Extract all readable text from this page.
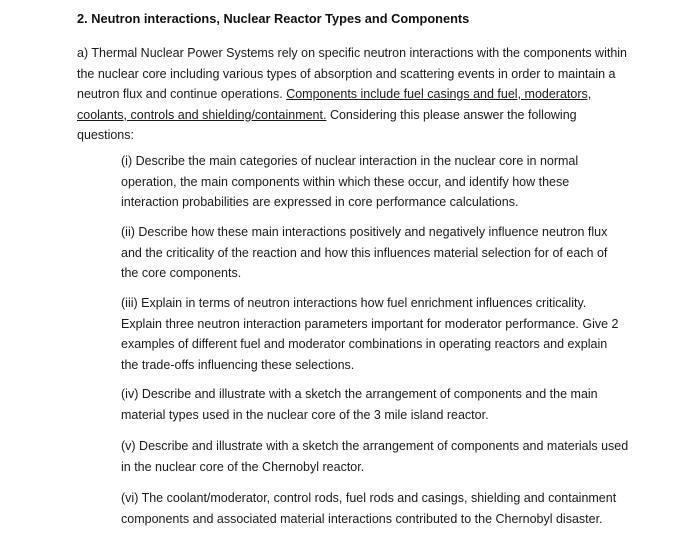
2. Neutron interactions, Nuclear Reactor Types and Components
a) Thermal Nuclear Power Systems rely on specific neutron interactions with the components within
the nuclear core including various types of absorption and scattering events in order to maintain a
neutron flux and continue operations. Components include fuel casings and fuel, moderators,
coolants, controls and shielding/containment. Considering this please answer the following
questions:
(i) Describe the main categories of nuclear interaction in the nuclear core in normal
operation, the main components within which these occur, and identify how these
interaction probabilities are expressed in core performance calculations.
(ii) Describe how these main interactions positively and negatively influence neutron flux
and the criticality of the reaction and how this influences material selection for of each of
the core components.
(iii) Explain in terms of neutron interactions how fuel enrichment influences criticality.
Explain three neutron interaction parameters important for moderator performance. Give 2
examples of different fuel and moderator combinations in operating reactors and explain
the trade-offs influencing these selections.
(iv) Describe and illustrate with a sketch the arrangement of components and the main
material types used in the nuclear core of the 3 mile island reactor.
(v) Describe and illustrate with a sketch the arrangement of components and materials used
in the nuclear core of the Chernobyl reactor.
(vi) The coolant/moderator, control rods, fuel rods and casings, shielding and containment
components and associated material interactions contributed to the Chernobyl disaster.
